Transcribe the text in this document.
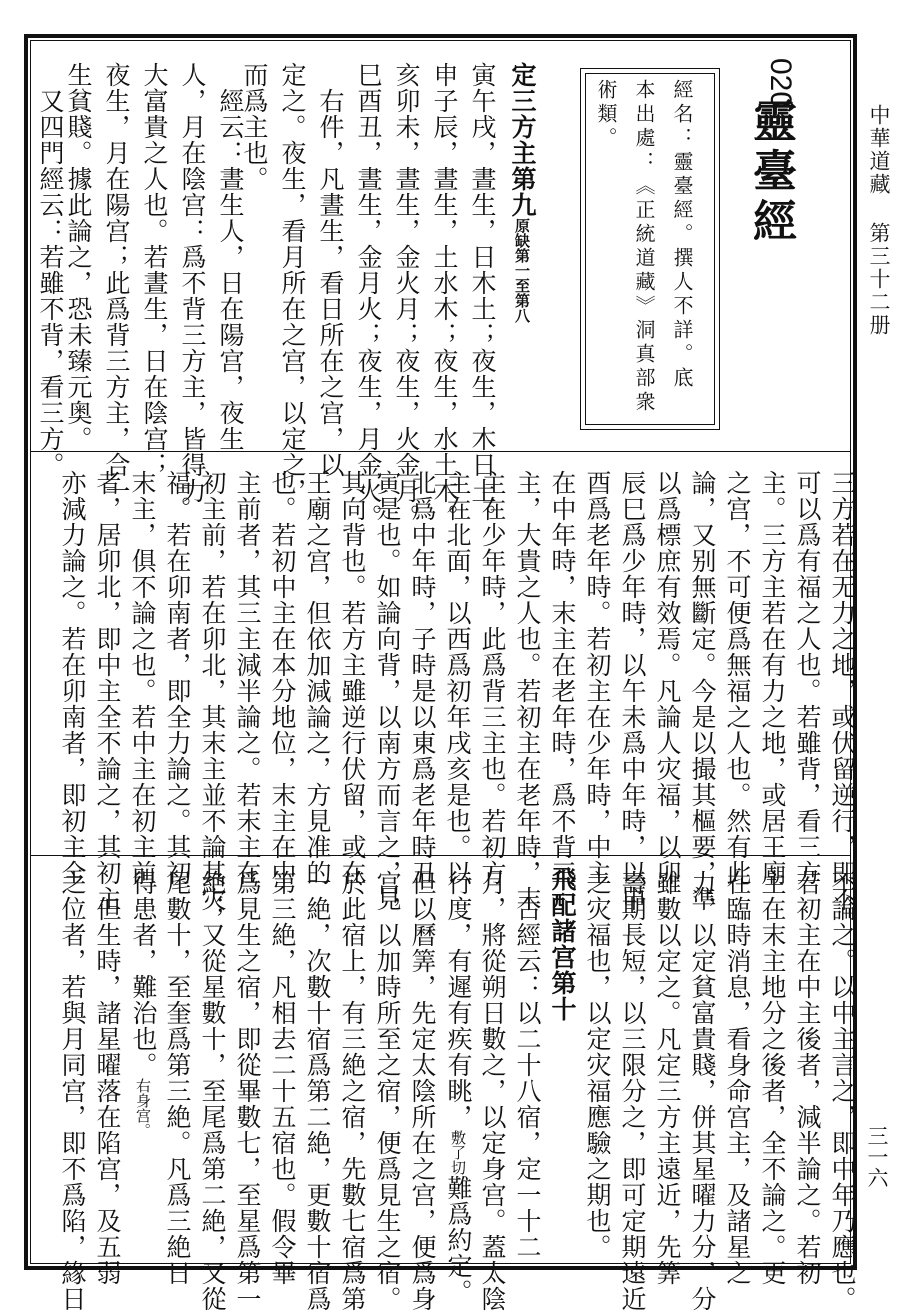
中華道藏 第三十二册
三一六
020
靈臺經
經名：靈臺經。撰人不詳。底
本出處：《正統道藏》洞真部衆
術類。
定三方主第九原缺第一至第八
寅午戌，晝生，日木土；夜生，木日土。
申子辰，晝生，土水木；夜生，水土木。
亥卯未，晝生，金火月；夜生，火金月。
巳酉丑，晝生，金月火；夜生，月金火。
　右件，凡晝生，看日所在之宫，以
定之。夜生，看月所在之宫，以定之，
而爲主也。
　經云：晝生人，日在陽宫，夜生
人，月在陰宫：爲不背三方主，皆得力
大富貴之人也。若晝生，日在陰宫；
夜生，月在陽宫；此爲背三方主，合一
生貧賤。據此論之，恐未臻元奥。
　又四門經云：若雖不背，看三方。
三方若在无力之地，或伏留逆行，即不
可以爲有福之人也。若雖背，看三方
主。三方主若在有力之地，或居王廟
之宫，不可便爲無福之人也。然有此
論，又别無斷定。今是以撮其樞要，準
以爲標庶有效焉。凡論人灾福，以卯
辰巳爲少年時，以午未爲中年時，以申
酉爲老年時。若初主在少年時，中主
在中年時，末主在老年時，爲不背三
主，大貴之人也。若初主在老年時，末
主在少年時，此爲背三主也。若初方
主在北面，以西爲初年戌亥是也。以
北爲中年時，子時是以東爲老年時丑
寅是也。如論向背，以南方而言之，見
其向背也。若方主雖逆行伏留，或在
王廟之宫，但依加減論之，方見准的
也。若初中主在本分地位，末主在中
主前者，其三主減半論之。若末主在
初主前，若在卯北，其末主並不論其灾
福。若在卯南者，即全力論之。其初
末主，俱不論之也。若中主在初主前
者，居卯北，即中主全不論之，其初主
亦減力論之。若在卯南者，即初主全
不論之。以中主言之，即中年乃應也。
若初主在中主後者，減半論之。若初
主在末主地分之後者，全不論之。更
在臨時消息，看身命宫主，及諸星之
力，以定貧富貴賤，併其星曜力分，分
雖數以定之。凡定三方主遠近，先筭
壽期長短，以三限分之，即可定期遠近
之灾福也，以定灾福應驗之期也。
飛配諸宫第十
　古經云：以二十八宿，定一十二
月，將從朔日數之，以定身宫。蓋太陰
行度，有遲有疾有眺，敷了切難爲約定。
但以曆筭，先定太陰所在之宫，便爲身
宫，以加時所至之宿，便爲見生之宿。
於此宿上，有三絶之宿，先數七宿爲第
一絶，次數十宿爲第二絶，更數十宿爲
第三絶，凡相去二十五宿也。假令畢
爲見生之宿，即從畢數七，至星爲第一
絶；又從星數十，至尾爲第二絶，又從
尾數十，至奎爲第三絶。凡爲三絶日
得患者，難治也。右身宫。
　但生時，諸星曜落在陷宫，及五弱
之位者，若與月同宫，即不爲陷，緣日
